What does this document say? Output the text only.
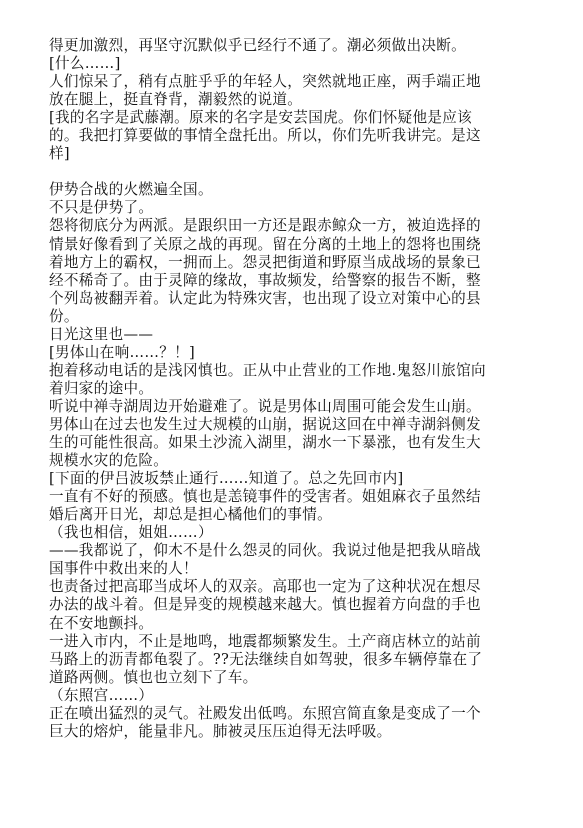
得更加激烈，再坚守沉默似乎已经行不通了。潮必须做出决断。
[什么……]
人们惊呆了，稍有点脏乎乎的年轻人，突然就地正座，两手端正地
放在腿上，挺直脊背，潮毅然的说道。
[我的名字是武藤潮。原来的名字是安芸国虎。你们怀疑他是应该
的。我把打算要做的事情全盘托出。所以，你们先听我讲完。是这
样]
伊势合战的火燃遍全国。
不只是伊势了。
怨将彻底分为两派。是跟织田一方还是跟赤鲸众一方，被迫选择的
情景好像看到了关原之战的再现。留在分离的土地上的怨将也围绕
着地方上的霸权，一拥而上。怨灵把街道和野原当成战场的景象已
经不稀奇了。由于灵障的缘故，事故频发，给警察的报告不断，整
个列岛被翻弄着。认定此为特殊灾害，也出现了设立对策中心的县
份。
日光这里也——
[男体山在响……？！]
抱着移动电话的是浅冈慎也。正从中止营业的工作地.鬼怒川旅馆向
着归家的途中。
听说中禅寺湖周边开始避难了。说是男体山周围可能会发生山崩。
男体山在过去也发生过大规模的山崩，据说这回在中禅寺湖斜侧发
生的可能性很高。如果土沙流入湖里，湖水一下暴涨，也有发生大
规模水灾的危险。
[下面的伊吕波坂禁止通行…...知道了。总之先回市内]
一直有不好的预感。慎也是恙镜事件的受害者。姐姐麻衣子虽然结
婚后离开日光，却总是担心橘他们的事情。
（我也相信，姐姐……）
——我都说了，仰木不是什么怨灵的同伙。我说过他是把我从暗战
国事件中救出来的人！
也责备过把高耶当成坏人的双亲。高耶也一定为了这种状况在想尽
办法的战斗着。但是异变的规模越来越大。慎也握着方向盘的手也
在不安地颤抖。
一进入市内，不止是地鸣，地震都频繁发生。土产商店林立的站前
马路上的沥青都龟裂了。??无法继续自如驾驶，很多车辆停靠在了
道路两侧。慎也也立刻下了车。
（东照宫……）
正在喷出猛烈的灵气。社殿发出低鸣。东照宫简直象是变成了一个
巨大的熔炉，能量非凡。肺被灵压压迫得无法呼吸。
